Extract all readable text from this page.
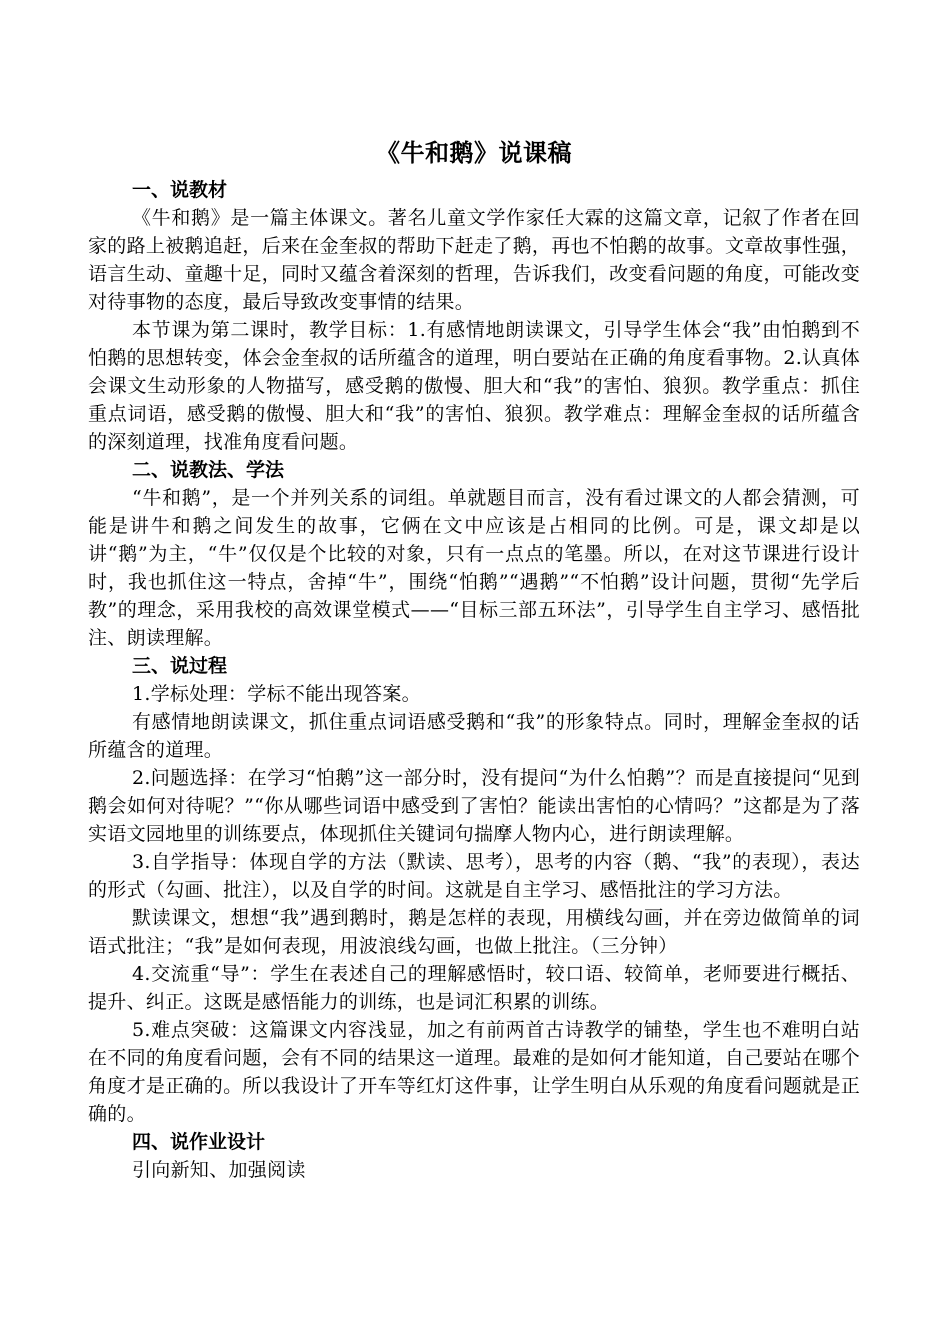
《牛和鹅》说课稿
一、说教材

《牛和鹅》是一篇主体课文。著名儿童文学作家任大霖的这篇文章，记叙了作者在回家的路上被鹅追赶，后来在金奎叔的帮助下赶走了鹅，再也不怕鹅的故事。文章故事性强，语言生动、童趣十足，同时又蕴含着深刻的哲理，告诉我们，改变看问题的角度，可能改变对待事物的态度，最后导致改变事情的结果。

本节课为第二课时，教学目标：1.有感情地朗读课文，引导学生体会“我”由怕鹅到不怕鹅的思想转变，体会金奎叔的话所蕴含的道理，明白要站在正确的角度看事物。2.认真体会课文生动形象的人物描写，感受鹅的傲慢、胆大和“我”的害怕、狼狈。教学重点：抓住重点词语，感受鹅的傲慢、胆大和“我”的害怕、狼狈。教学难点：理解金奎叔的话所蕴含的深刻道理，找准角度看问题。

二、说教法、学法

“牛和鹅”，是一个并列关系的词组。单就题目而言，没有看过课文的人都会猜测，可能是讲牛和鹅之间发生的故事，它俩在文中应该是占相同的比例。可是，课文却是以讲“鹅”为主，“牛”仅仅是个比较的对象，只有一点点的笔墨。所以，在对这节课进行设计时，我也抓住这一特点，舍掉“牛”，围绕“怕鹅”“遇鹅”“不怕鹅”设计问题，贯彻“先学后教”的理念，采用我校的高效课堂模式——“目标三部五环法”，引导学生自主学习、感悟批注、朗读理解。

三、说过程

1.学标处理：学标不能出现答案。

有感情地朗读课文，抓住重点词语感受鹅和“我”的形象特点。同时，理解金奎叔的话所蕴含的道理。

2.问题选择：在学习“怕鹅”这一部分时，没有提问“为什么怕鹅”？而是直接提问“见到鹅会如何对待呢？”“你从哪些词语中感受到了害怕？能读出害怕的心情吗？”这都是为了落实语文园地里的训练要点，体现抓住关键词句揣摩人物内心，进行朗读理解。

3.自学指导：体现自学的方法（默读、思考），思考的内容（鹅、“我”的表现），表达的形式（勾画、批注），以及自学的时间。这就是自主学习、感悟批注的学习方法。

默读课文，想想“我”遇到鹅时，鹅是怎样的表现，用横线勾画，并在旁边做简单的词语式批注；“我”是如何表现，用波浪线勾画，也做上批注。（三分钟）

4.交流重“导”：学生在表述自己的理解感悟时，较口语、较简单，老师要进行概括、提升、纠正。这既是感悟能力的训练，也是词汇积累的训练。

5.难点突破：这篇课文内容浅显，加之有前两首古诗教学的铺垫，学生也不难明白站在不同的角度看问题，会有不同的结果这一道理。最难的是如何才能知道，自己要站在哪个角度才是正确的。所以我设计了开车等红灯这件事，让学生明白从乐观的角度看问题就是正确的。

四、说作业设计

引向新知、加强阅读
